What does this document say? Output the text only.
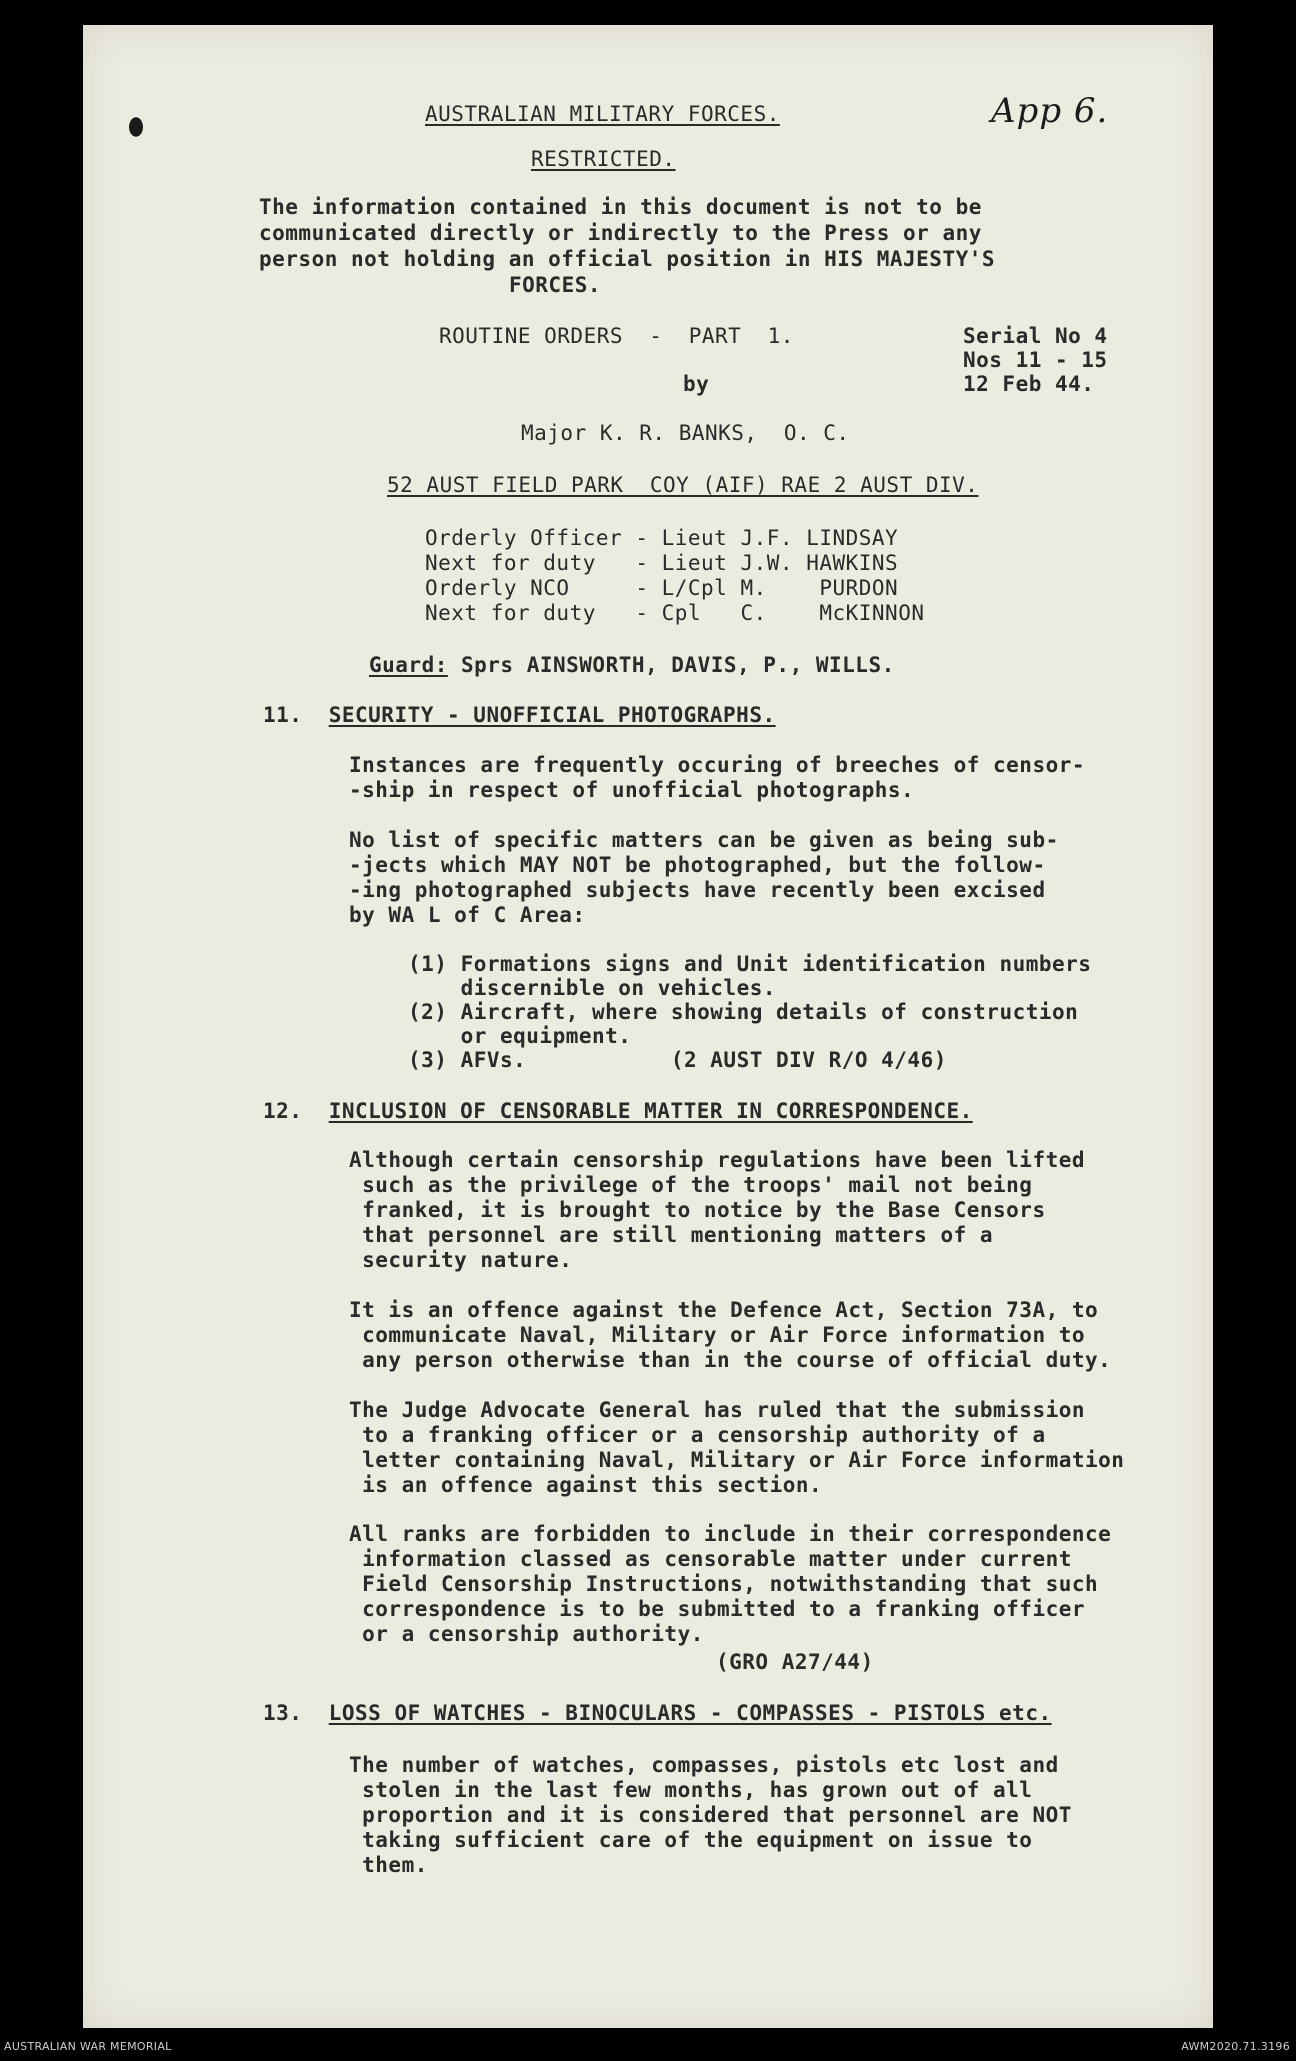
AUSTRALIAN MILITARY FORCES.	App 6.
RESTRICTED.
The information contained in this document is not to be
communicated directly or indirectly to the Press or any
person not holding an official position in HIS MAJESTY'S
FORCES.
ROUTINE ORDERS  -  PART  1.	Serial No 4
Nos 11 - 15
by	12 Feb 44.
Major K. R. BANKS,  O. C.
52 AUST FIELD PARK  COY (AIF) RAE 2 AUST DIV.
Orderly Officer - Lieut J.F. LINDSAY
Next for duty   - Lieut J.W. HAWKINS
Orderly NCO     - L/Cpl M.    PURDON
Next for duty   - Cpl   C.    McKINNON
Guard: Sprs AINSWORTH, DAVIS, P., WILLS.
11. SECURITY - UNOFFICIAL PHOTOGRAPHS.
Instances are frequently occuring of breeches of censor-
-ship in respect of unofficial photographs.
No list of specific matters can be given as being sub-
-jects which MAY NOT be photographed, but the follow-
-ing photographed subjects have recently been excised
by WA L of C Area:
(1) Formations signs and Unit identification numbers
discernible on vehicles.
(2) Aircraft, where showing details of construction
or equipment.
(3) AFVs.           (2 AUST DIV R/O 4/46)
12. INCLUSION OF CENSORABLE MATTER IN CORRESPONDENCE.
Although certain censorship regulations have been lifted
such as the privilege of the troops' mail not being
franked, it is brought to notice by the Base Censors
that personnel are still mentioning matters of a
security nature.
It is an offence against the Defence Act, Section 73A, to
communicate Naval, Military or Air Force information to
any person otherwise than in the course of official duty.
The Judge Advocate General has ruled that the submission
to a franking officer or a censorship authority of a
letter containing Naval, Military or Air Force information
is an offence against this section.
All ranks are forbidden to include in their correspondence
information classed as censorable matter under current
Field Censorship Instructions, notwithstanding that such
correspondence is to be submitted to a franking officer
or a censorship authority.
(GRO A27/44)
13. LOSS OF WATCHES - BINOCULARS - COMPASSES - PISTOLS etc.
The number of watches, compasses, pistols etc lost and
stolen in the last few months, has grown out of all
proportion and it is considered that personnel are NOT
taking sufficient care of the equipment on issue to
them.
AUSTRALIAN WAR MEMORIAL	AWM2020.71.3196
